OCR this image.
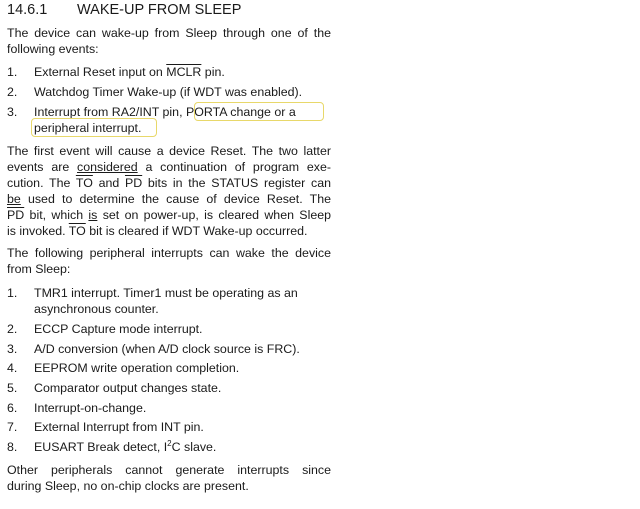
14.6.1 WAKE-UP FROM SLEEP
The device can wake-up from Sleep through one of the
following events:
1. External Reset input on MCLR pin.
2. Watchdog Timer Wake-up (if WDT was enabled).
3. Interrupt from RA2/INT pin, PORTA change or a
peripheral interrupt.
The first event will cause a device Reset. The two latter
events are considered a continuation of program exe-
cution. The $\overline{TO}$ and $\overline{PD}$ bits in the STATUS register can
be used to determine the cause of device Reset. The
$\overline{PD}$ bit, which is set on power-up, is cleared when Sleep
is invoked. $\overline{TO}$ bit is cleared if WDT Wake-up occurred.
The following peripheral interrupts can wake the device
from Sleep:
1. TMR1 interrupt. Timer1 must be operating as an
asynchronous counter.
2. ECCP Capture mode interrupt.
3. A/D conversion (when A/D clock source is FRC).
4. EEPROM write operation completion.
5. Comparator output changes state.
6. Interrupt-on-change.
7. External Interrupt from INT pin.
8. EUSART Break detect, $I^2C$ slave.
Other peripherals cannot generate interrupts since
during Sleep, no on-chip clocks are present.
